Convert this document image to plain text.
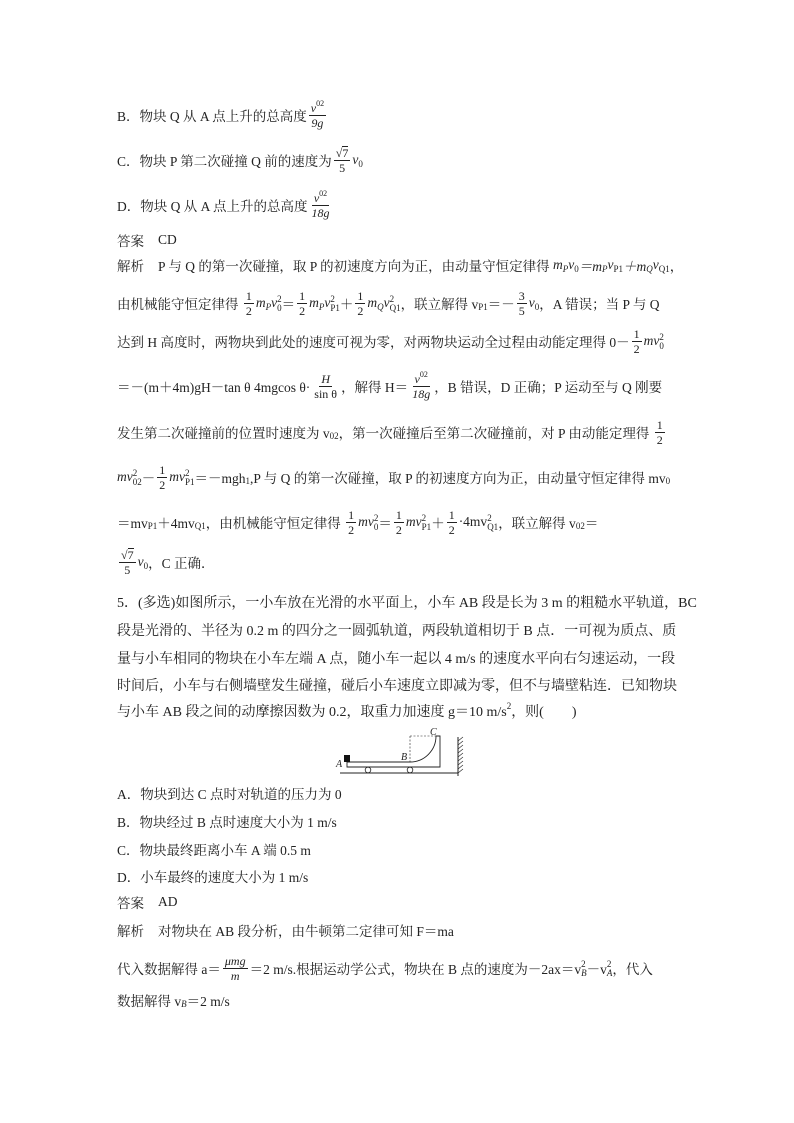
B．物块 Q 从 A 点上升的总高度 $\frac{v 02}{9g}$
C．物块 P 第二次碰撞 Q 前的速度为 $\frac{√ 7}{5}$ v 0
D．物块 Q 从 A 点上升的总高度 $\frac{v 02}{18g}$
答案 CD
解析 P 与 Q 的第一次碰撞，取 P 的初速度方向为正，由动量守恒定律得 m P v 0 ＝m P v P1 ＋m Q v Q1 ，
由机械能守恒定律得 $\frac{1}{2}$ m P v 2
$0 = \frac{1}{2}$ m P v 2
$P1 + \frac{1}{2}$ m Q v 2
Q1 ，联立解得 v $P1 =- \frac{3}{5}$ v 0 ，A 错误；当 P 与 Q
达到 H 高度时，两物块到此处的速度可视为零，对两物块运动全过程由动能定理得 $0- \frac{1}{2}$ mv 2
0
＝－(m＋4m)gH－tan θ 4mgcos $\theta\cdot \frac{H}{\text{sin θ}}$ ，解得 $H= \frac{v 02}{18g}$ ，B 错误，D 正确；P 运动至与 Q 刚要
发生第二次碰撞前的位置时速度为 v 02 ，第一次碰撞后至第二次碰撞前，对 P 由动能定理得 $\frac{1}{2}$
mv 2
$02 - \frac{1}{2}$ mv 2
P1 ＝－mgh 1 ,P 与 Q 的第一次碰撞，取 P 的初速度方向为正，由动量守恒定律得 mv 0
＝mv P1 ＋4mv Q1 ，由机械能守恒定律得 $\frac{1}{2}$ mv 2
$0 = \frac{1}{2}$ mv 2
$P1 + \frac{1}{2} \cdot 4mv$ 2
Q1 ，联立解得 v 02 ＝
$\frac{√ 7}{5}$ v 0 ，C 正确．
5．(多选)如图所示，一小车放在光滑的水平面上，小车 AB 段是长为 3 m 的粗糙水平轨道，BC
段是光滑的、半径为 0.2 m 的四分之一圆弧轨道，两段轨道相切于 B 点．一可视为质点、质
量与小车相同的物块在小车左端 A 点，随小车一起以 4 m/s 的速度水平向右匀速运动，一段
时间后，小车与右侧墙壁发生碰撞，碰后小车速度立即减为零，但不与墙壁粘连．已知物块
与小车 AB 段之间的动摩擦因数为 0.2，取重力加速度 g＝10 m/s 2 ，则(　　)
A
B
C
A．物块到达 C 点时对轨道的压力为 0
B．物块经过 B 点时速度大小为 1 m/s
C．物块最终距离小车 A 端 0.5 m
D．小车最终的速度大小为 1 m/s
答案 AD
解析 对物块在 AB 段分析，由牛顿第二定律可知 F＝ma
代入数据解得 $a= \frac{\text{μmg}}{m} =2$ m/s.根据运动学公式，物块在 B 点的速度为－2ax＝v 2
B －v 2
A ，代入
数据解得 v B ＝2 m/s
